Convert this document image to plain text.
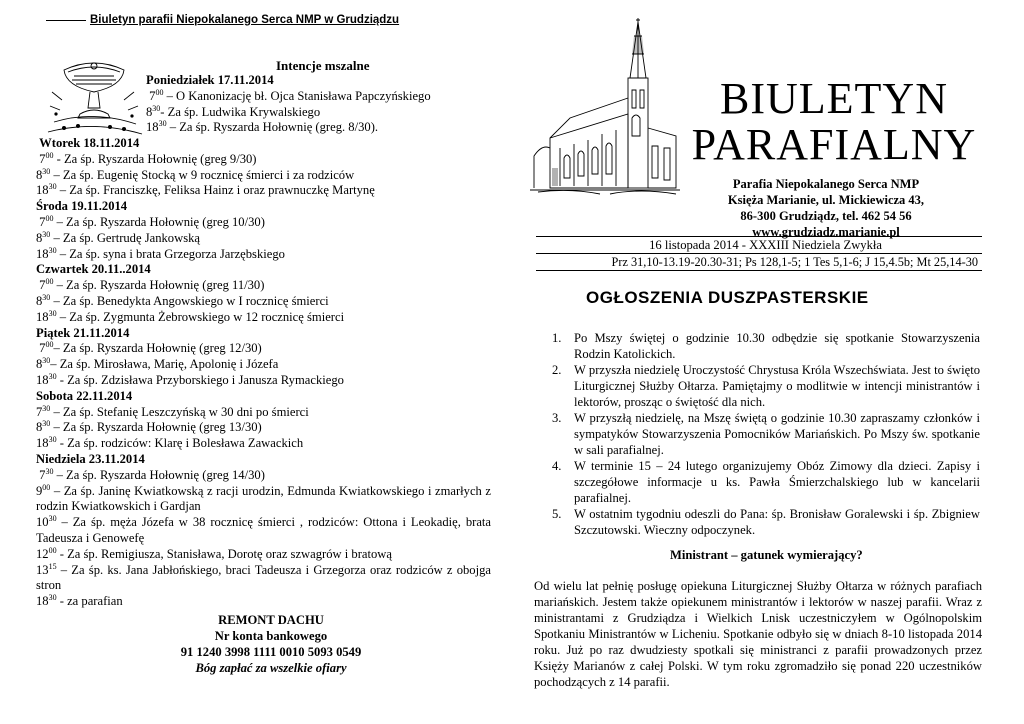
Biuletyn parafii Niepokalanego Serca NMP w Grudziądzu
Intencje mszalne
Poniedziałek 17.11.2014
$7^{00}$ – O Kanonizację bł. Ojca Stanisława Papczyńskiego
$8^{30}-$ Za śp. Ludwika Krywalskiego
$18^{30}$ – Za śp. Ryszarda Hołownię (greg. 8/30).
Wtorek 18.11.2014
$7^{00}$ - Za śp. Ryszarda Hołownię (greg 9/30)
$8^{30}$ – Za śp. Eugenię Stocką w 9 rocznicę śmierci i za rodziców
$18^{30}$ – Za śp. Franciszkę, Feliksa Hainz i oraz prawnuczkę Martynę
Środa 19.11.2014
$7^{00}$ – Za śp. Ryszarda Hołownię (greg 10/30)
$8^{30}$ – Za śp. Gertrudę Jankowską
$18^{30}$ – Za śp. syna i brata Grzegorza Jarzębskiego
Czwartek 20.11..2014
$7^{00}$ – Za śp. Ryszarda Hołownię (greg 11/30)
$8^{30}$ – Za śp. Benedykta Angowskiego w I rocznicę śmierci
$18^{30}$ – Za śp. Zygmunta Żebrowskiego w 12 rocznicę śmierci
Piątek 21.11.2014
$7^{00}-$ Za śp. Ryszarda Hołownię (greg 12/30)
$8^{30}-$ Za śp. Mirosława, Marię, Apolonię i Józefa
$18^{30}$ - Za śp. Zdzisława Przyborskiego i Janusza Rymackiego
Sobota 22.11.2014
$7^{30}$ – Za śp. Stefanię Leszczyńską w 30 dni po śmierci
$8^{30}$ – Za śp. Ryszarda Hołownię (greg 13/30)
$18^{30}$ - Za śp. rodziców: Klarę i Bolesława Zawackich
Niedziela 23.11.2014
$7^{30}$ – Za śp. Ryszarda Hołownię (greg 14/30)
$9^{00}$ – Za śp. Janinę Kwiatkowską z racji urodzin, Edmunda Kwiatkowskiego i zmarłych z rodzin Kwiatkowskich i Gardjan
$10^{30}$ – Za śp. męża Józefa w 38 rocznicę śmierci , rodziców: Ottona i Leokadię, brata Tadeusza i Genowefę
$12^{00}$ - Za śp. Remigiusza, Stanisława, Dorotę oraz szwagrów i bratową
$13^{15}$ – Za śp. ks. Jana Jabłońskiego, braci Tadeusza i Grzegorza oraz rodziców z obojga stron
$18^{30}$ - za parafian
REMONT DACHU
Nr konta bankowego
91 1240 3998 1111 0010 5093 0549
Bóg zapłać za wszelkie ofiary
BIULETYN
PARAFIALNY
Parafia Niepokalanego Serca NMP
Księża Marianie, ul. Mickiewicza 43,
86-300 Grudziądz, tel. 462 54 56
www.grudziadz.marianie.pl
16 listopada 2014 - XXXIII Niedziela Zwykła
Prz 31,10-13.19-20.30-31; Ps 128,1-5; 1 Tes 5,1-6; J 15,4.5b; Mt 25,14-30
OGŁOSZENIA DUSZPASTERSKIE
1. Po Mszy świętej o godzinie 10.30 odbędzie się spotkanie Stowarzyszenia Rodzin Katolickich.
2. W przyszła niedzielę Uroczystość Chrystusa Króla Wszechświata. Jest to święto Liturgicznej Służby Ołtarza. Pamiętajmy o modlitwie w intencji ministrantów i lektorów, prosząc o świętość dla nich.
3. W przyszłą niedzielę, na Mszę świętą o godzinie 10.30 zapraszamy członków i sympatyków Stowarzyszenia Pomocników Mariańskich. Po Mszy św. spotkanie w sali parafialnej.
4. W terminie 15 – 24 lutego organizujemy Obóz Zimowy dla dzieci. Zapisy i szczegółowe informacje u ks. Pawła Śmierzchalskiego lub w kancelarii parafialnej.
5. W ostatnim tygodniu odeszli do Pana: śp. Bronisław Goralewski i śp. Zbigniew Szczutowski. Wieczny odpoczynek.
Ministrant – gatunek wymierający?
Od wielu lat pełnię posługę opiekuna Liturgicznej Służby Ołtarza w różnych parafiach mariańskich. Jestem także opiekunem ministrantów i lektorów w naszej parafii. Wraz z ministrantami z Grudziądza i Wielkich Lnisk uczestniczyłem w Ogólnopolskim Spotkaniu Ministrantów w Licheniu. Spotkanie odbyło się w dniach 8-10 listopada 2014 roku. Już po raz dwudziesty spotkali się ministranci z parafii prowadzonych przez Księży Marianów z całej Polski. W tym roku zgromadziło się ponad 220 uczestników pochodzących z 14 parafii.
